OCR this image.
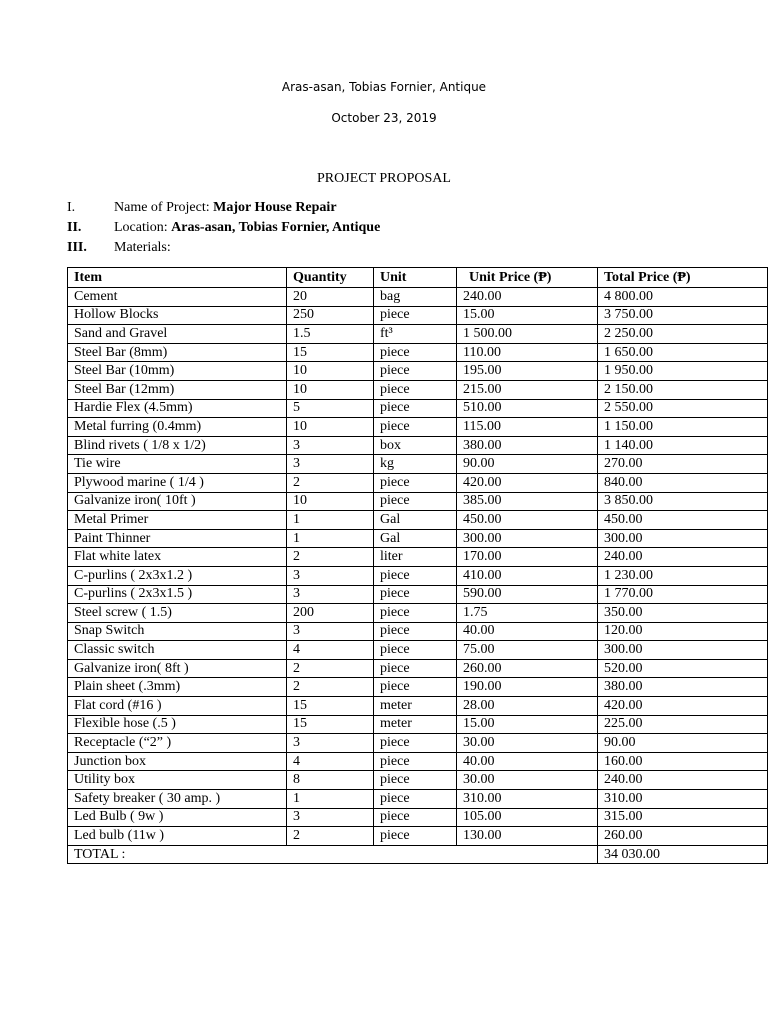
Aras-asan, Tobias Fornier, Antique
October 23, 2019
PROJECT PROPOSAL
I.	Name of Project: Major House Repair
II. Location: Aras-asan, Tobias Fornier, Antique
III. Materials:
Item	Quantity	Unit	Unit Price (₱)	Total Price (₱)
Cement	20	bag	240.00	4 800.00
Hollow Blocks	250	piece	15.00	3 750.00
Sand and Gravel	1.5	ft³	1 500.00	2 250.00
Steel Bar (8mm)	15	piece	110.00	1 650.00
Steel Bar (10mm)	10	piece	195.00	1 950.00
Steel Bar (12mm)	10	piece	215.00	2 150.00
Hardie Flex (4.5mm)	5	piece	510.00	2 550.00
Metal furring (0.4mm)	10	piece	115.00	1 150.00
Blind rivets ( 1/8 x 1/2)	3	box	380.00	1 140.00
Tie wire	3	kg	90.00	270.00
Plywood marine ( 1/4 )	2	piece	420.00	840.00
Galvanize iron( 10ft )	10	piece	385.00	3 850.00
Metal Primer	1	Gal	450.00	450.00
Paint Thinner	1	Gal	300.00	300.00
Flat white latex	2	liter	170.00	240.00
C-purlins ( 2x3x1.2 )	3	piece	410.00	1 230.00
C-purlins ( 2x3x1.5 )	3	piece	590.00	1 770.00
Steel screw ( 1.5)	200	piece	1.75	350.00
Snap Switch	3	piece	40.00	120.00
Classic switch	4	piece	75.00	300.00
Galvanize iron( 8ft )	2	piece	260.00	520.00
Plain sheet (.3mm)	2	piece	190.00	380.00
Flat cord (#16 )	15	meter	28.00	420.00
Flexible hose (.5 )	15	meter	15.00	225.00
Receptacle (“2” )	3	piece	30.00	90.00
Junction box	4	piece	40.00	160.00
Utility box	8	piece	30.00	240.00
Safety breaker ( 30 amp. )	1	piece	310.00	310.00
Led Bulb ( 9w )	3	piece	105.00	315.00
Led bulb (11w )	2	piece	130.00	260.00
TOTAL :				34 030.00
